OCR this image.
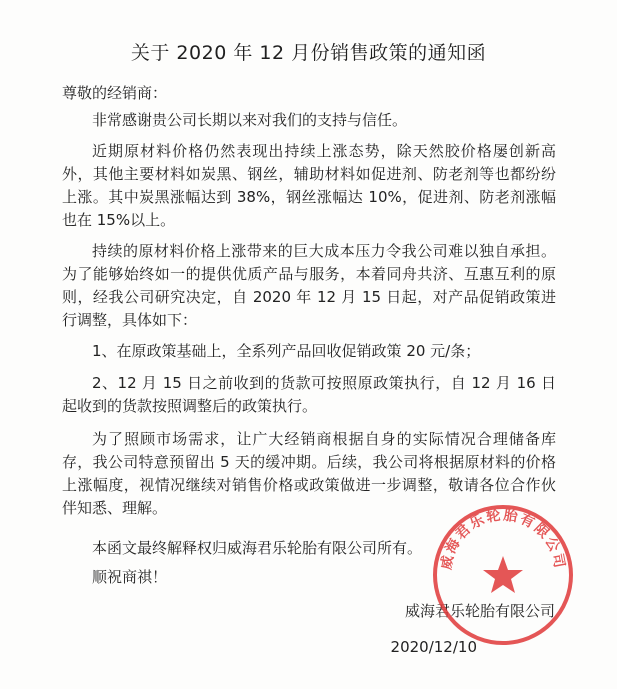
关于 2020 年 12 月份销售政策的通知函
尊敬的经销商：

非常感谢贵公司长期以来对我们的支持与信任。

近期原材料价格仍然表现出持续上涨态势，除天然胶价格屡创新高外，其他主要材料如炭黑、钢丝，辅助材料如促进剂、防老剂等也都纷纷上涨。其中炭黑涨幅达到 38%，钢丝涨幅达 10%，促进剂、防老剂涨幅也在 15%以上。

持续的原材料价格上涨带来的巨大成本压力令我公司难以独自承担。为了能够始终如一的提供优质产品与服务，本着同舟共济、互惠互利的原则，经我公司研究决定，自 2020 年 12 月 15 日起，对产品促销政策进行调整，具体如下：

1、在原政策基础上，全系列产品回收促销政策 20 元/条；

2、12 月 15 日之前收到的货款可按照原政策执行，自 12 月 16 日起收到的货款按照调整后的政策执行。

为了照顾市场需求，让广大经销商根据自身的实际情况合理储备库存，我公司特意预留出 5 天的缓冲期。后续，我公司将根据原材料的价格上涨幅度，视情况继续对销售价格或政策做进一步调整，敬请各位合作伙伴知悉、理解。

本函文最终解释权归威海君乐轮胎有限公司所有。

顺祝商祺！

威海君乐轮胎有限公司
2020/12/10
威海君乐轮胎有限公司
